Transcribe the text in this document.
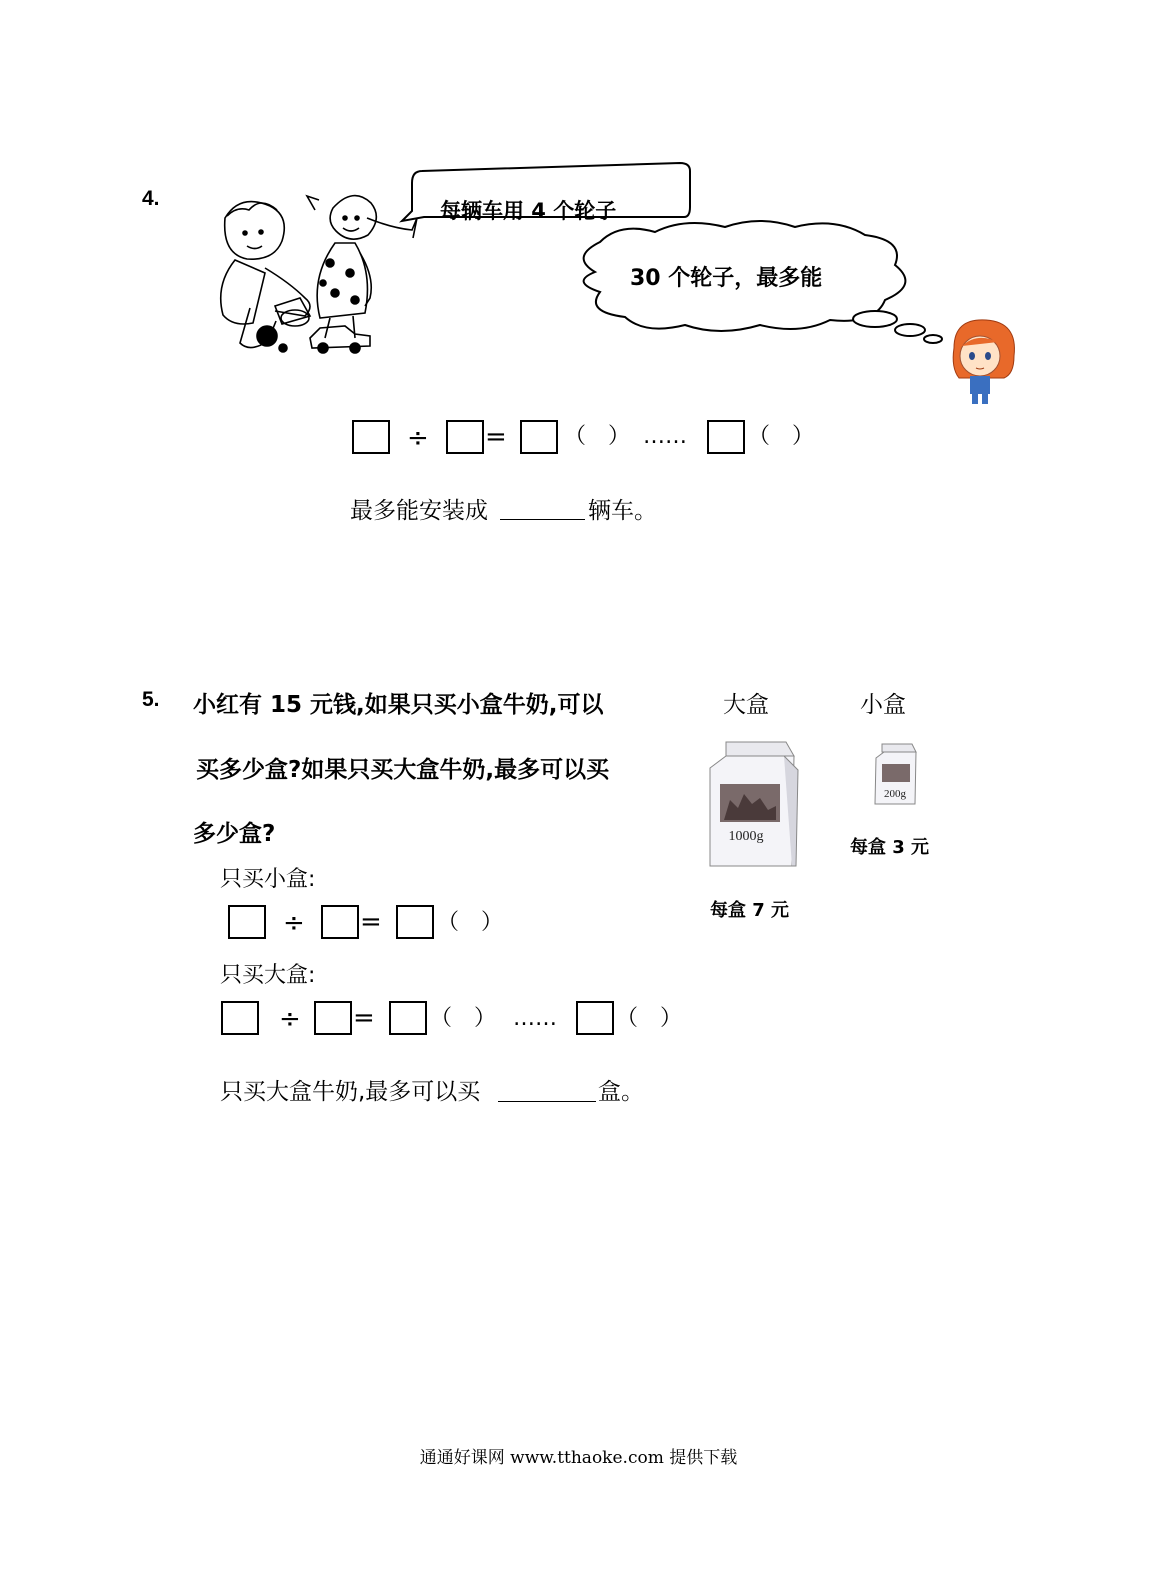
4.
每辆车用 4 个轮子
30 个轮子，最多能
÷ =	（　） ……	（　）
最多能安装成	辆车。
5. 小红有 15 元钱,如果只买小盒牛奶,可以
买多少盒?如果只买大盒牛奶,最多可以买
多少盒?
大盒	小盒
1000g
每盒 7 元
200g
每盒 3 元
只买小盒:
÷ =	（　）
只买大盒:
÷ =	（　） ……	（　）
只买大盒牛奶,最多可以买	盒。
通通好课网 www.tthaoke.com 提供下载
